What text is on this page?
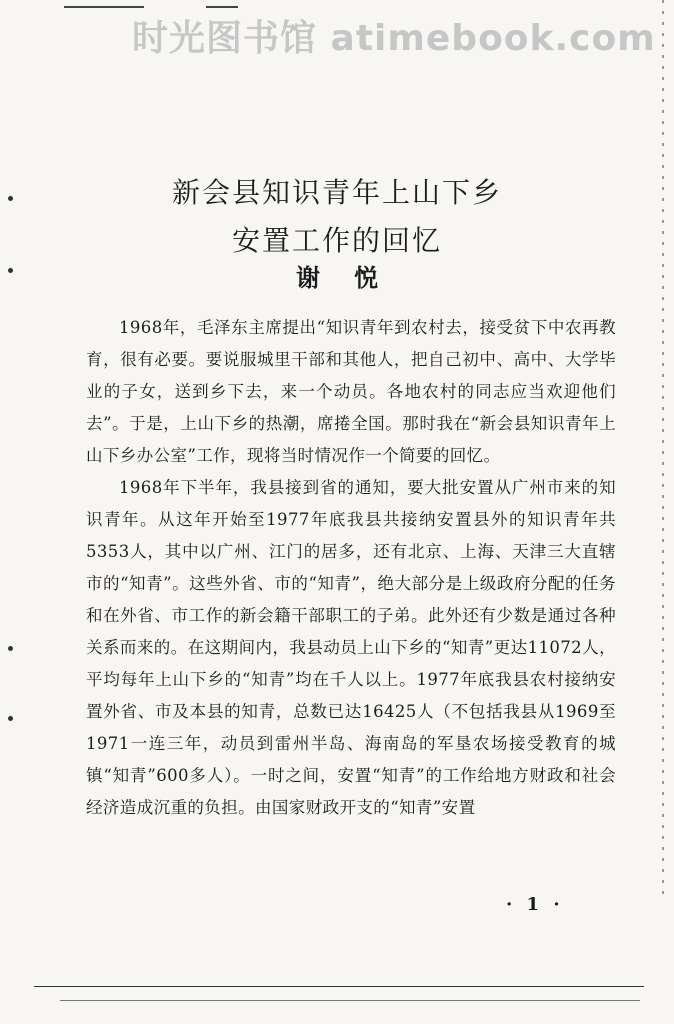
时光图书馆 atimebook.com
新会县知识青年上山下乡
安置工作的回忆
谢悦

1968年，毛泽东主席提出“知识青年到农村去，接受贫下中农再教育，很有必要。要说服城里干部和其他人，把自己初中、高中、大学毕业的子女，送到乡下去，来一个动员。各地农村的同志应当欢迎他们去”。于是，上山下乡的热潮，席捲全国。那时我在“新会县知识青年上山下乡办公室”工作，现将当时情况作一个简要的回忆。

1968年下半年，我县接到省的通知，要大批安置从广州市来的知识青年。从这年开始至1977年底我县共接纳安置县外的知识青年共5353人，其中以广州、江门的居多，还有北京、上海、天津三大直辖市的“知青”。这些外省、市的“知青”，绝大部分是上级政府分配的任务和在外省、市工作的新会籍干部职工的子弟。此外还有少数是通过各种关系而来的。在这期间内，我县动员上山下乡的“知青”更达11072人，平均每年上山下乡的“知青”均在千人以上。1977年底我县农村接纳安置外省、市及本县的知青，总数已达16425人（不包括我县从1969至1971一连三年，动员到雷州半岛、海南岛的军垦农场接受教育的城镇“知青”600多人）。一时之间，安置“知青”的工作给地方财政和社会经济造成沉重的负担。由国家财政开支的“知青”安置

· 1 ·
